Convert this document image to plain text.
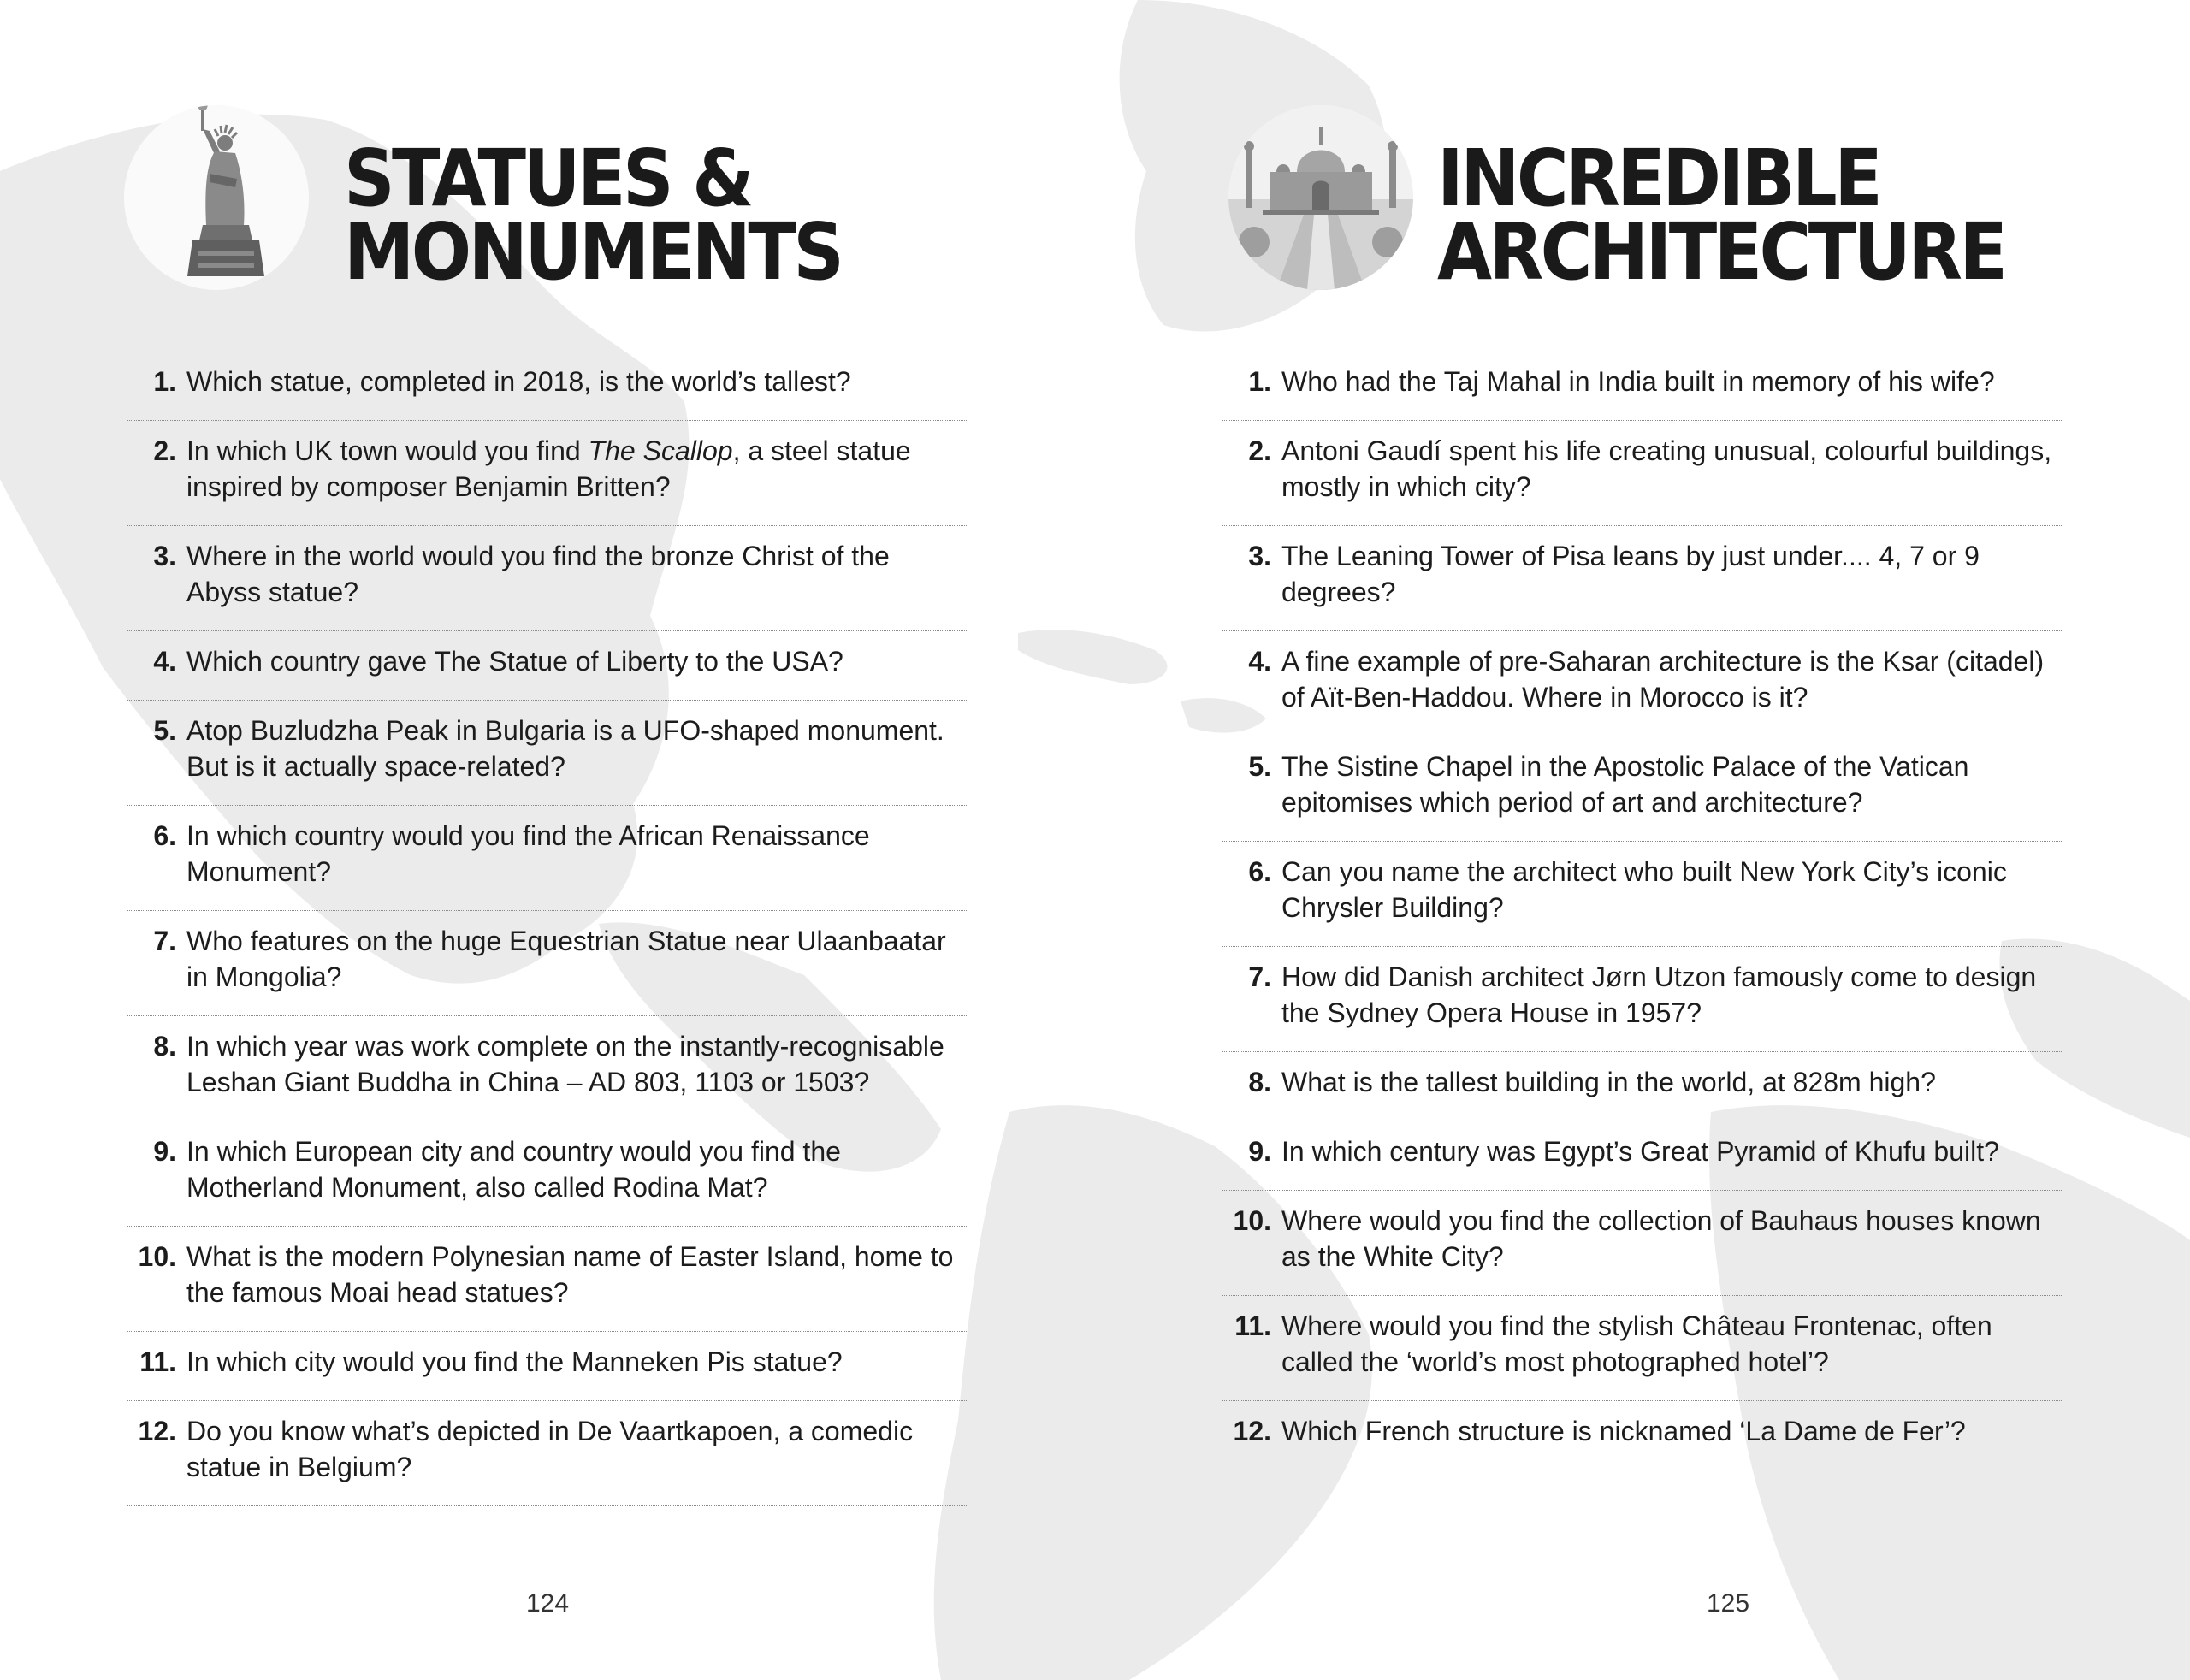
STATUES &
MONUMENTS
1. Which statue, completed in 2018, is the world’s tallest?
2. In which UK town would you find The Scallop, a steel statue inspired by composer Benjamin Britten?
3. Where in the world would you find the bronze Christ of the Abyss statue?
4. Which country gave The Statue of Liberty to the USA?
5. Atop Buzludzha Peak in Bulgaria is a UFO-shaped monument. But is it actually space-related?
6. In which country would you find the African Renaissance Monument?
7. Who features on the huge Equestrian Statue near Ulaanbaatar in Mongolia?
8. In which year was work complete on the instantly-recognisable Leshan Giant Buddha in China – AD 803, 1103 or 1503?
9. In which European city and country would you find the Motherland Monument, also called Rodina Mat?
10. What is the modern Polynesian name of Easter Island, home to the famous Moai head statues?
11. In which city would you find the Manneken Pis statue?
12. Do you know what’s depicted in De Vaartkapoen, a comedic statue in Belgium?
124
INCREDIBLE
ARCHITECTURE
1. Who had the Taj Mahal in India built in memory of his wife?
2. Antoni Gaudí spent his life creating unusual, colourful buildings, mostly in which city?
3. The Leaning Tower of Pisa leans by just under.... 4, 7 or 9 degrees?
4. A fine example of pre-Saharan architecture is the Ksar (citadel) of Aït-Ben-Haddou. Where in Morocco is it?
5. The Sistine Chapel in the Apostolic Palace of the Vatican epitomises which period of art and architecture?
6. Can you name the architect who built New York City’s iconic Chrysler Building?
7. How did Danish architect Jørn Utzon famously come to design the Sydney Opera House in 1957?
8. What is the tallest building in the world, at 828m high?
9. In which century was Egypt’s Great Pyramid of Khufu built?
10. Where would you find the collection of Bauhaus houses known as the White City?
11. Where would you find the stylish Château Frontenac, often called the ‘world’s most photographed hotel’?
12. Which French structure is nicknamed ‘La Dame de Fer’?
125
